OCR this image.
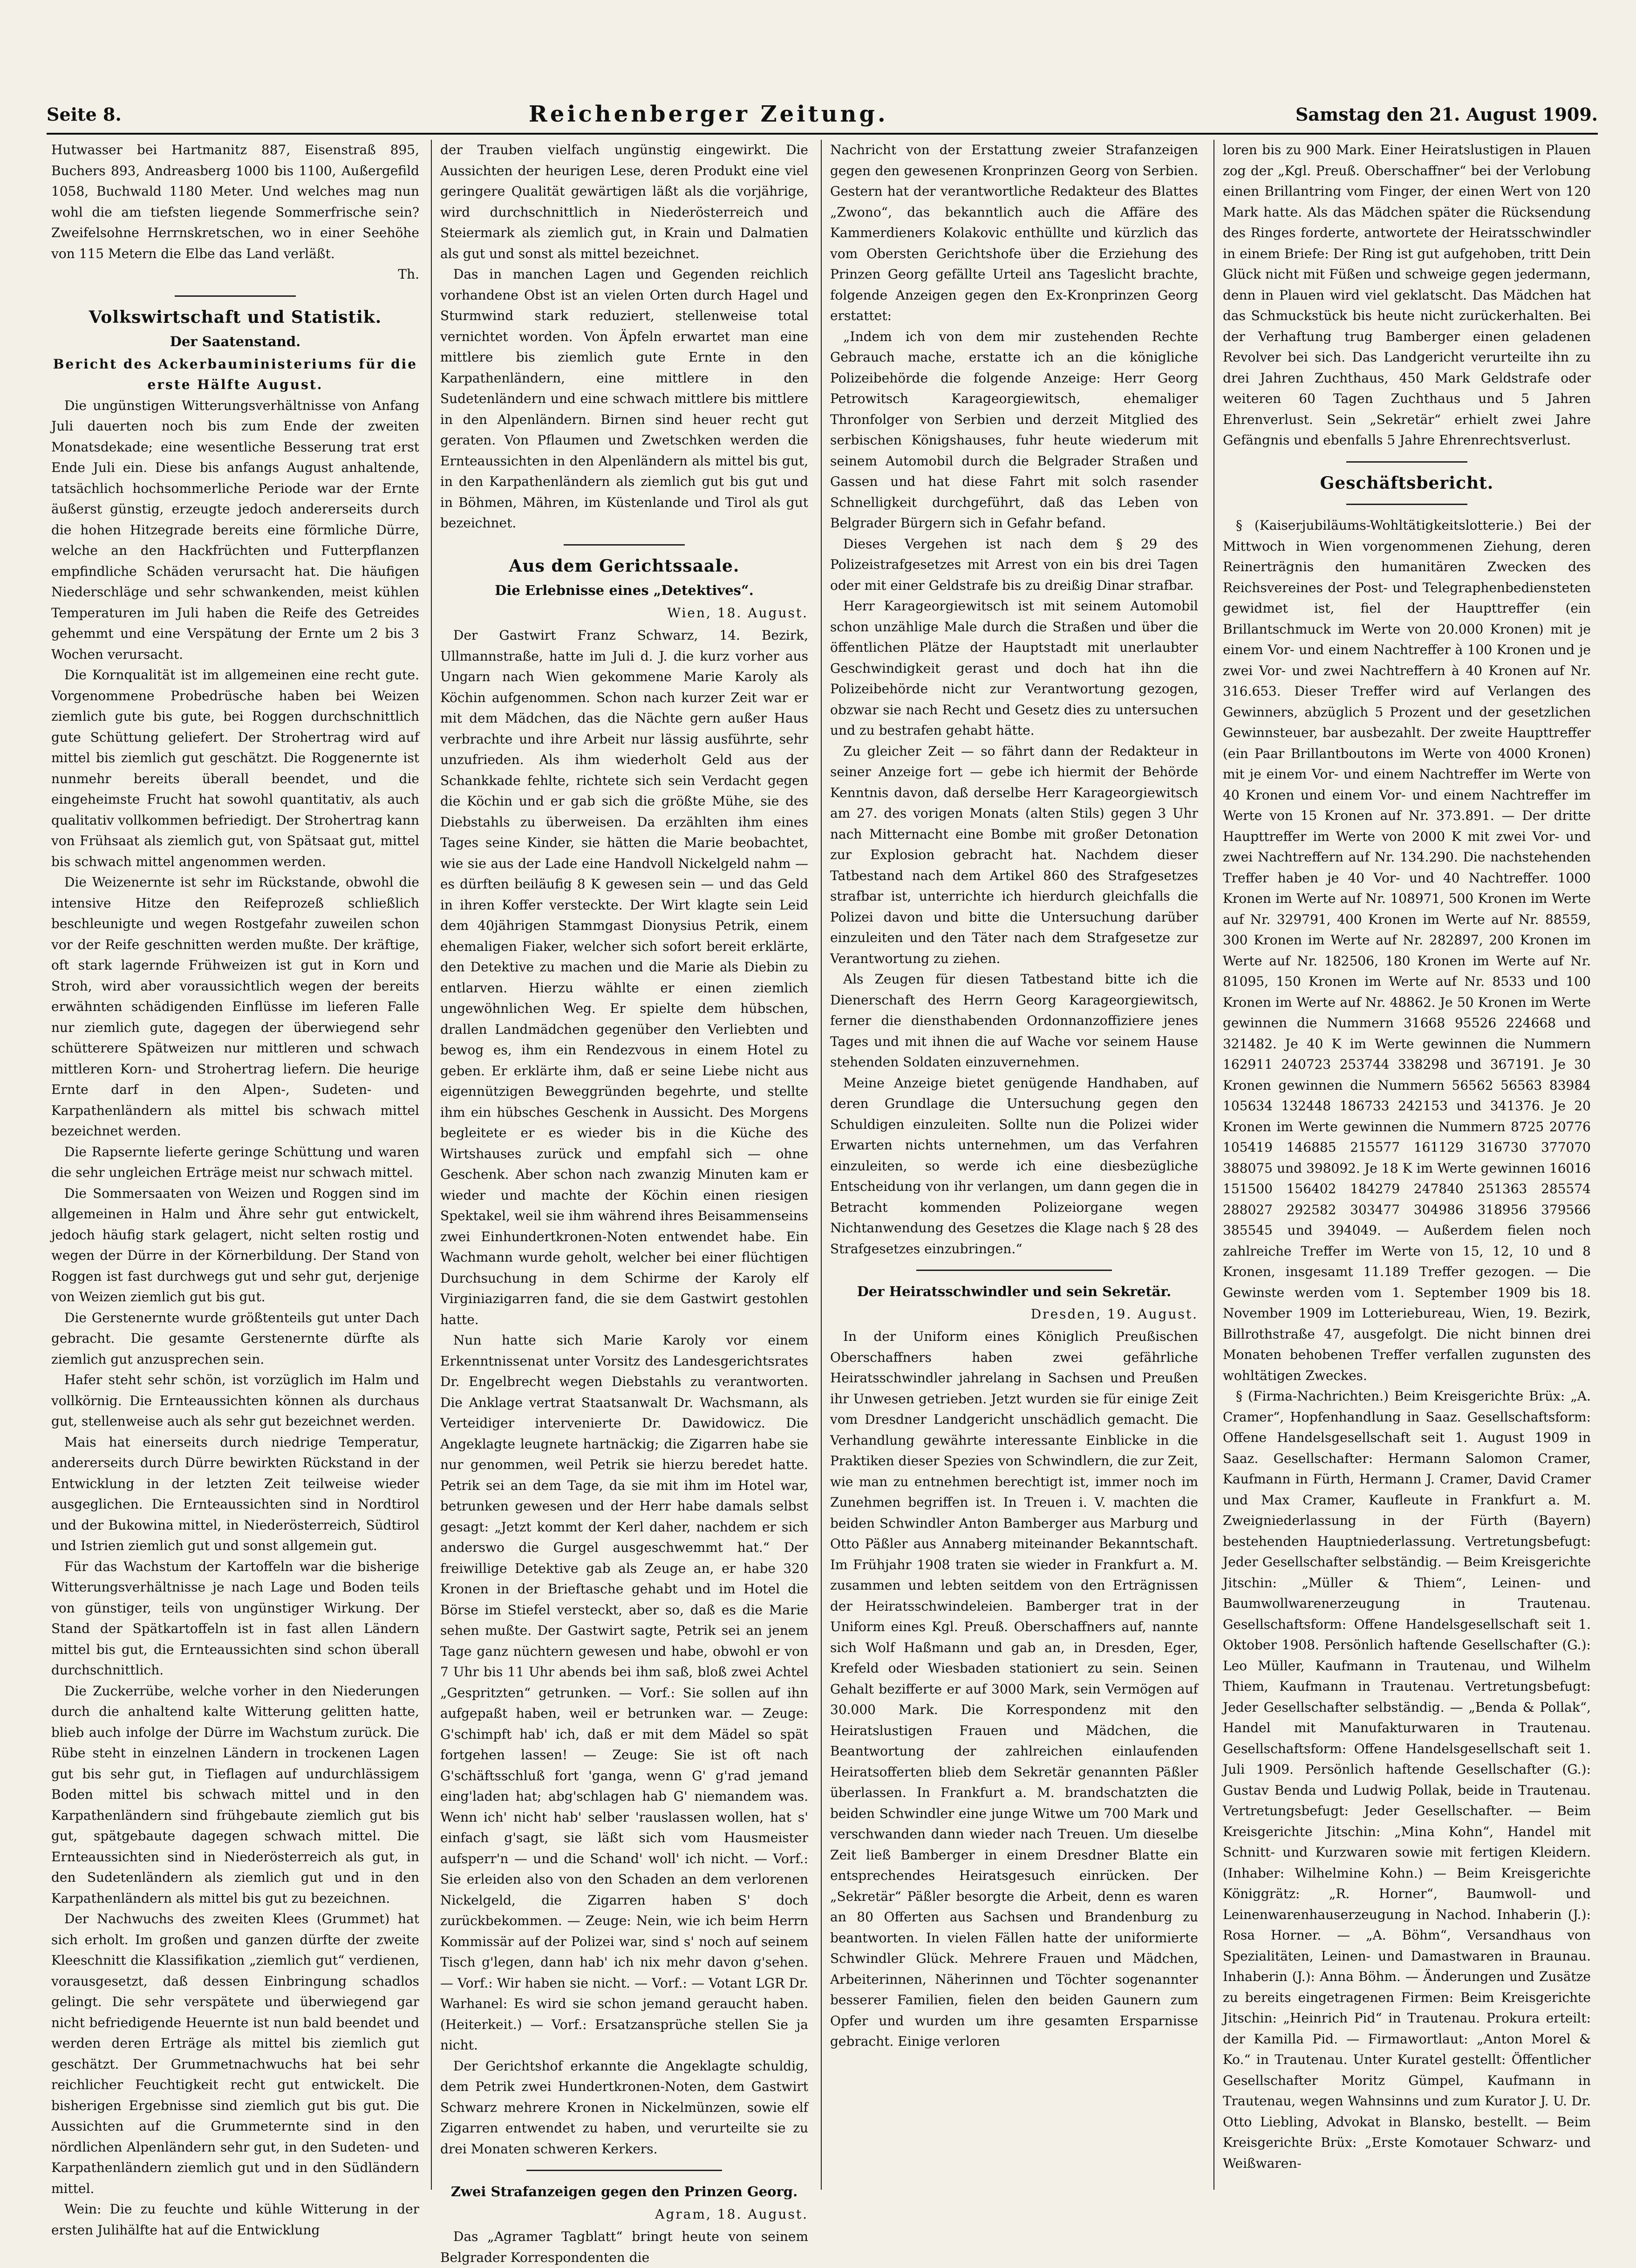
Seite 8.	Reichenberger Zeitung.	Samstag den 21. August 1909.

Hutwasser bei Hartmanitz 887, Eisenstraß 895, Buchers 893, Andreasberg 1000 bis 1100, Außergefild 1058, Buchwald 1180 Meter. Und welches mag nun wohl die am tiefsten liegende Sommerfrische sein? Zweifelsohne Herrnskretschen, wo in einer Seehöhe von 115 Metern die Elbe das Land verläßt.

Th.

Volkswirtschaft und Statistik.
Der Saatenstand.
Bericht des Ackerbauministeriums für die erste Hälfte August.

Die ungünstigen Witterungsverhältnisse von Anfang Juli dauerten noch bis zum Ende der zweiten Monatsdekade; eine wesentliche Besserung trat erst Ende Juli ein. Diese bis anfangs August anhaltende, tatsächlich hochsommerliche Periode war der Ernte äußerst günstig, erzeugte jedoch andererseits durch die hohen Hitzegrade bereits eine förmliche Dürre, welche an den Hackfrüchten und Futterpflanzen empfindliche Schäden verursacht hat. Die häufigen Niederschläge und sehr schwankenden, meist kühlen Temperaturen im Juli haben die Reife des Getreides gehemmt und eine Verspätung der Ernte um 2 bis 3 Wochen verursacht.

Die Kornqualität ist im allgemeinen eine recht gute. Vorgenommene Probedrüsche haben bei Weizen ziemlich gute bis gute, bei Roggen durchschnittlich gute Schüttung geliefert. Der Strohertrag wird auf mittel bis ziemlich gut geschätzt. Die Roggenernte ist nunmehr bereits überall beendet, und die eingeheimste Frucht hat sowohl quantitativ, als auch qualitativ vollkommen befriedigt. Der Strohertrag kann von Frühsaat als ziemlich gut, von Spätsaat gut, mittel bis schwach mittel angenommen werden.

Die Weizenernte ist sehr im Rückstande, obwohl die intensive Hitze den Reifeprozeß schließlich beschleunigte und wegen Rostgefahr zuweilen schon vor der Reife geschnitten werden mußte. Der kräftige, oft stark lagernde Frühweizen ist gut in Korn und Stroh, wird aber voraussichtlich wegen der bereits erwähnten schädigenden Einflüsse im lieferen Falle nur ziemlich gute, dagegen der überwiegend sehr schütterere Spätweizen nur mittleren und schwach mittleren Korn- und Strohertrag liefern. Die heurige Ernte darf in den Alpen-, Sudeten- und Karpathenländern als mittel bis schwach mittel bezeichnet werden.

Die Rapsernte lieferte geringe Schüttung und waren die sehr ungleichen Erträge meist nur schwach mittel.

Die Sommersaaten von Weizen und Roggen sind im allgemeinen in Halm und Ähre sehr gut entwickelt, jedoch häufig stark gelagert, nicht selten rostig und wegen der Dürre in der Körnerbildung. Der Stand von Roggen ist fast durchwegs gut und sehr gut, derjenige von Weizen ziemlich gut bis gut.

Die Gerstenernte wurde größtenteils gut unter Dach gebracht. Die gesamte Gerstenernte dürfte als ziemlich gut anzusprechen sein.

Hafer steht sehr schön, ist vorzüglich im Halm und vollkörnig. Die Ernteaussichten können als durchaus gut, stellenweise auch als sehr gut bezeichnet werden.

Mais hat einerseits durch niedrige Temperatur, andererseits durch Dürre bewirkten Rückstand in der Entwicklung in der letzten Zeit teilweise wieder ausgeglichen. Die Ernteaussichten sind in Nordtirol und der Bukowina mittel, in Niederösterreich, Südtirol und Istrien ziemlich gut und sonst allgemein gut.

Für das Wachstum der Kartoffeln war die bisherige Witterungsverhältnisse je nach Lage und Boden teils von günstiger, teils von ungünstiger Wirkung. Der Stand der Spätkartoffeln ist in fast allen Ländern mittel bis gut, die Ernteaussichten sind schon überall durchschnittlich.

Die Zuckerrübe, welche vorher in den Niederungen durch die anhaltend kalte Witterung gelitten hatte, blieb auch infolge der Dürre im Wachstum zurück. Die Rübe steht in einzelnen Ländern in trockenen Lagen gut bis sehr gut, in Tieflagen auf undurchlässigem Boden mittel bis schwach mittel und in den Karpathenländern sind frühgebaute ziemlich gut bis gut, spätgebaute dagegen schwach mittel. Die Ernteaussichten sind in Niederösterreich als gut, in den Sudetenländern als ziemlich gut und in den Karpathenländern als mittel bis gut zu bezeichnen.

Der Nachwuchs des zweiten Klees (Grummet) hat sich erholt. Im großen und ganzen dürfte der zweite Kleeschnitt die Klassifikation „ziemlich gut“ verdienen, vorausgesetzt, daß dessen Einbringung schadlos gelingt. Die sehr verspätete und überwiegend gar nicht befriedigende Heuernte ist nun bald beendet und werden deren Erträge als mittel bis ziemlich gut geschätzt. Der Grummetnachwuchs hat bei sehr reichlicher Feuchtigkeit recht gut entwickelt. Die bisherigen Ergebnisse sind ziemlich gut bis gut. Die Aussichten auf die Grummeternte sind in den nördlichen Alpenländern sehr gut, in den Sudeten- und Karpathenländern ziemlich gut und in den Südländern mittel.

Wein: Die zu feuchte und kühle Witterung in der ersten Julihälfte hat auf die Entwicklung

der Trauben vielfach ungünstig eingewirkt. Die Aussichten der heurigen Lese, deren Produkt eine viel geringere Qualität gewärtigen läßt als die vorjährige, wird durchschnittlich in Niederösterreich und Steiermark als ziemlich gut, in Krain und Dalmatien als gut und sonst als mittel bezeichnet.

Das in manchen Lagen und Gegenden reichlich vorhandene Obst ist an vielen Orten durch Hagel und Sturmwind stark reduziert, stellenweise total vernichtet worden. Von Äpfeln erwartet man eine mittlere bis ziemlich gute Ernte in den Karpathenländern, eine mittlere in den Sudetenländern und eine schwach mittlere bis mittlere in den Alpenländern. Birnen sind heuer recht gut geraten. Von Pflaumen und Zwetschken werden die Ernteaussichten in den Alpenländern als mittel bis gut, in den Karpathenländern als ziemlich gut bis gut und in Böhmen, Mähren, im Küstenlande und Tirol als gut bezeichnet.

Aus dem Gerichtssaale.
Die Erlebnisse eines „Detektives“.
Wien, 18. August.

Der Gastwirt Franz Schwarz, 14. Bezirk, Ullmannstraße, hatte im Juli d. J. die kurz vorher aus Ungarn nach Wien gekommene Marie Karoly als Köchin aufgenommen. Schon nach kurzer Zeit war er mit dem Mädchen, das die Nächte gern außer Haus verbrachte und ihre Arbeit nur lässig ausführte, sehr unzufrieden. Als ihm wiederholt Geld aus der Schankkade fehlte, richtete sich sein Verdacht gegen die Köchin und er gab sich die größte Mühe, sie des Diebstahls zu überweisen. Da erzählten ihm eines Tages seine Kinder, sie hätten die Marie beobachtet, wie sie aus der Lade eine Handvoll Nickelgeld nahm — es dürften beiläufig 8 K gewesen sein — und das Geld in ihren Koffer versteckte. Der Wirt klagte sein Leid dem 40jährigen Stammgast Dionysius Petrik, einem ehemaligen Fiaker, welcher sich sofort bereit erklärte, den Detektive zu machen und die Marie als Diebin zu entlarven. Hierzu wählte er einen ziemlich ungewöhnlichen Weg. Er spielte dem hübschen, drallen Landmädchen gegenüber den Verliebten und bewog es, ihm ein Rendezvous in einem Hotel zu geben. Er erklärte ihm, daß er seine Liebe nicht aus eigennützigen Beweggründen begehrte, und stellte ihm ein hübsches Geschenk in Aussicht. Des Morgens begleitete er es wieder bis in die Küche des Wirtshauses zurück und empfahl sich — ohne Geschenk. Aber schon nach zwanzig Minuten kam er wieder und machte der Köchin einen riesigen Spektakel, weil sie ihm während ihres Beisammenseins zwei Einhundertkronen-Noten entwendet habe. Ein Wachmann wurde geholt, welcher bei einer flüchtigen Durchsuchung in dem Schirme der Karoly elf Virginiazigarren fand, die sie dem Gastwirt gestohlen hatte.

Nun hatte sich Marie Karoly vor einem Erkenntnissenat unter Vorsitz des Landesgerichtsrates Dr. Engelbrecht wegen Diebstahls zu verantworten. Die Anklage vertrat Staatsanwalt Dr. Wachsmann, als Verteidiger intervenierte Dr. Dawidowicz. Die Angeklagte leugnete hartnäckig; die Zigarren habe sie nur genommen, weil Petrik sie hierzu beredet hatte. Petrik sei an dem Tage, da sie mit ihm im Hotel war, betrunken gewesen und der Herr habe damals selbst gesagt: „Jetzt kommt der Kerl daher, nachdem er sich anderswo die Gurgel ausgeschwemmt hat.“ Der freiwillige Detektive gab als Zeuge an, er habe 320 Kronen in der Brieftasche gehabt und im Hotel die Börse im Stiefel versteckt, aber so, daß es die Marie sehen mußte. Der Gastwirt sagte, Petrik sei an jenem Tage ganz nüchtern gewesen und habe, obwohl er von 7 Uhr bis 11 Uhr abends bei ihm saß, bloß zwei Achtel „Gespritzten“ getrunken. — Vorf.: Sie sollen auf ihn aufgepaßt haben, weil er betrunken war. — Zeuge: G'schimpft hab' ich, daß er mit dem Mädel so spät fortgehen lassen! — Zeuge: Sie ist oft nach G'schäftsschluß fort 'ganga, wenn G' g'rad jemand eing'laden hat; abg'schlagen hab G' niemandem was. Wenn ich' nicht hab' selber 'rauslassen wollen, hat s' einfach g'sagt, sie läßt sich vom Hausmeister aufsperr'n — und die Schand' woll' ich nicht. — Vorf.: Sie erleiden also von den Schaden an dem verlorenen Nickelgeld, die Zigarren haben S' doch zurückbekommen. — Zeuge: Nein, wie ich beim Herrn Kommissär auf der Polizei war, sind s' noch auf seinem Tisch g'legen, dann hab' ich nix mehr davon g'sehen. — Vorf.: Wir haben sie nicht. — Vorf.: — Votant LGR Dr. Warhanel: Es wird sie schon jemand geraucht haben. (Heiterkeit.) — Vorf.: Ersatzansprüche stellen Sie ja nicht.

Der Gerichtshof erkannte die Angeklagte schuldig, dem Petrik zwei Hundertkronen-Noten, dem Gastwirt Schwarz mehrere Kronen in Nickelmünzen, sowie elf Zigarren entwendet zu haben, und verurteilte sie zu drei Monaten schweren Kerkers.

Zwei Strafanzeigen gegen den Prinzen Georg.
Agram, 18. August.

Das „Agramer Tagblatt“ bringt heute von seinem Belgrader Korrespondenten die

Nachricht von der Erstattung zweier Strafanzeigen gegen den gewesenen Kronprinzen Georg von Serbien. Gestern hat der verantwortliche Redakteur des Blattes „Zwono“, das bekanntlich auch die Affäre des Kammerdieners Kolakovic enthüllte und kürzlich das vom Obersten Gerichtshofe über die Erziehung des Prinzen Georg gefällte Urteil ans Tageslicht brachte, folgende Anzeigen gegen den Ex-Kronprinzen Georg erstattet:

„Indem ich von dem mir zustehenden Rechte Gebrauch mache, erstatte ich an die königliche Polizeibehörde die folgende Anzeige: Herr Georg Petrowitsch Karageorgiewitsch, ehemaliger Thronfolger von Serbien und derzeit Mitglied des serbischen Königshauses, fuhr heute wiederum mit seinem Automobil durch die Belgrader Straßen und Gassen und hat diese Fahrt mit solch rasender Schnelligkeit durchgeführt, daß das Leben von Belgrader Bürgern sich in Gefahr befand.

Dieses Vergehen ist nach dem § 29 des Polizeistrafgesetzes mit Arrest von ein bis drei Tagen oder mit einer Geldstrafe bis zu dreißig Dinar strafbar.

Herr Karageorgiewitsch ist mit seinem Automobil schon unzählige Male durch die Straßen und über die öffentlichen Plätze der Hauptstadt mit unerlaubter Geschwindigkeit gerast und doch hat ihn die Polizeibehörde nicht zur Verantwortung gezogen, obzwar sie nach Recht und Gesetz dies zu untersuchen und zu bestrafen gehabt hätte.

Zu gleicher Zeit — so fährt dann der Redakteur in seiner Anzeige fort — gebe ich hiermit der Behörde Kenntnis davon, daß derselbe Herr Karageorgiewitsch am 27. des vorigen Monats (alten Stils) gegen 3 Uhr nach Mitternacht eine Bombe mit großer Detonation zur Explosion gebracht hat. Nachdem dieser Tatbestand nach dem Artikel 860 des Strafgesetzes strafbar ist, unterrichte ich hierdurch gleichfalls die Polizei davon und bitte die Untersuchung darüber einzuleiten und den Täter nach dem Strafgesetze zur Verantwortung zu ziehen.

Als Zeugen für diesen Tatbestand bitte ich die Dienerschaft des Herrn Georg Karageorgiewitsch, ferner die diensthabenden Ordonnanzoffiziere jenes Tages und mit ihnen die auf Wache vor seinem Hause stehenden Soldaten einzuvernehmen.

Meine Anzeige bietet genügende Handhaben, auf deren Grundlage die Untersuchung gegen den Schuldigen einzuleiten. Sollte nun die Polizei wider Erwarten nichts unternehmen, um das Verfahren einzuleiten, so werde ich eine diesbezügliche Entscheidung von ihr verlangen, um dann gegen die in Betracht kommenden Polizeiorgane wegen Nichtanwendung des Gesetzes die Klage nach § 28 des Strafgesetzes einzubringen.“

Der Heiratsschwindler und sein Sekretär.
Dresden, 19. August.

In der Uniform eines Königlich Preußischen Oberschaffners haben zwei gefährliche Heiratsschwindler jahrelang in Sachsen und Preußen ihr Unwesen getrieben. Jetzt wurden sie für einige Zeit vom Dresdner Landgericht unschädlich gemacht. Die Verhandlung gewährte interessante Einblicke in die Praktiken dieser Spezies von Schwindlern, die zur Zeit, wie man zu entnehmen berechtigt ist, immer noch im Zunehmen begriffen ist. In Treuen i. V. machten die beiden Schwindler Anton Bamberger aus Marburg und Otto Päßler aus Annaberg miteinander Bekanntschaft. Im Frühjahr 1908 traten sie wieder in Frankfurt a. M. zusammen und lebten seitdem von den Erträgnissen der Heiratsschwindeleien. Bamberger trat in der Uniform eines Kgl. Preuß. Oberschaffners auf, nannte sich Wolf Haßmann und gab an, in Dresden, Eger, Krefeld oder Wiesbaden stationiert zu sein. Seinen Gehalt bezifferte er auf 3000 Mark, sein Vermögen auf 30.000 Mark. Die Korrespondenz mit den Heiratslustigen Frauen und Mädchen, die Beantwortung der zahlreichen einlaufenden Heiratsofferten blieb dem Sekretär genannten Päßler überlassen. In Frankfurt a. M. brandschatzten die beiden Schwindler eine junge Witwe um 700 Mark und verschwanden dann wieder nach Treuen. Um dieselbe Zeit ließ Bamberger in einem Dresdner Blatte ein entsprechendes Heiratsgesuch einrücken. Der „Sekretär“ Päßler besorgte die Arbeit, denn es waren an 80 Offerten aus Sachsen und Brandenburg zu beantworten. In vielen Fällen hatte der uniformierte Schwindler Glück. Mehrere Frauen und Mädchen, Arbeiterinnen, Näherinnen und Töchter sogenannter besserer Familien, fielen den beiden Gaunern zum Opfer und wurden um ihre gesamten Ersparnisse gebracht. Einige verloren

loren bis zu 900 Mark. Einer Heiratslustigen in Plauen zog der „Kgl. Preuß. Oberschaffner“ bei der Verlobung einen Brillantring vom Finger, der einen Wert von 120 Mark hatte. Als das Mädchen später die Rücksendung des Ringes forderte, antwortete der Heiratsschwindler in einem Briefe: Der Ring ist gut aufgehoben, tritt Dein Glück nicht mit Füßen und schweige gegen jedermann, denn in Plauen wird viel geklatscht. Das Mädchen hat das Schmuckstück bis heute nicht zurückerhalten. Bei der Verhaftung trug Bamberger einen geladenen Revolver bei sich. Das Landgericht verurteilte ihn zu drei Jahren Zuchthaus, 450 Mark Geldstrafe oder weiteren 60 Tagen Zuchthaus und 5 Jahren Ehrenverlust. Sein „Sekretär“ erhielt zwei Jahre Gefängnis und ebenfalls 5 Jahre Ehrenrechtsverlust.

Geschäftsbericht.

§ (Kaiserjubiläums-Wohltätigkeitslotterie.) Bei der Mittwoch in Wien vorgenommenen Ziehung, deren Reinerträgnis den humanitären Zwecken des Reichsvereines der Post- und Telegraphenbediensteten gewidmet ist, fiel der Haupttreffer (ein Brillantschmuck im Werte von 20.000 Kronen) mit je einem Vor- und einem Nachtreffer à 100 Kronen und je zwei Vor- und zwei Nachtreffern à 40 Kronen auf Nr. 316.653. Dieser Treffer wird auf Verlangen des Gewinners, abzüglich 5 Prozent und der gesetzlichen Gewinnsteuer, bar ausbezahlt. Der zweite Haupttreffer (ein Paar Brillantboutons im Werte von 4000 Kronen) mit je einem Vor- und einem Nachtreffer im Werte von 40 Kronen und einem Vor- und einem Nachtreffer im Werte von 15 Kronen auf Nr. 373.891. — Der dritte Haupttreffer im Werte von 2000 K mit zwei Vor- und zwei Nachtreffern auf Nr. 134.290. Die nachstehenden Treffer haben je 40 Vor- und 40 Nachtreffer. 1000 Kronen im Werte auf Nr. 108971, 500 Kronen im Werte auf Nr. 329791, 400 Kronen im Werte auf Nr. 88559, 300 Kronen im Werte auf Nr. 282897, 200 Kronen im Werte auf Nr. 182506, 180 Kronen im Werte auf Nr. 81095, 150 Kronen im Werte auf Nr. 8533 und 100 Kronen im Werte auf Nr. 48862. Je 50 Kronen im Werte gewinnen die Nummern 31668 95526 224668 und 321482. Je 40 K im Werte gewinnen die Nummern 162911 240723 253744 338298 und 367191. Je 30 Kronen gewinnen die Nummern 56562 56563 83984 105634 132448 186733 242153 und 341376. Je 20 Kronen im Werte gewinnen die Nummern 8725 20776 105419 146885 215577 161129 316730 377070 388075 und 398092. Je 18 K im Werte gewinnen 16016 151500 156402 184279 247840 251363 285574 288027 292582 303477 304986 318956 379566 385545 und 394049. — Außerdem fielen noch zahlreiche Treffer im Werte von 15, 12, 10 und 8 Kronen, insgesamt 11.189 Treffer gezogen. — Die Gewinste werden vom 1. September 1909 bis 18. November 1909 im Lotteriebureau, Wien, 19. Bezirk, Billrothstraße 47, ausgefolgt. Die nicht binnen drei Monaten behobenen Treffer verfallen zugunsten des wohltätigen Zweckes.

§ (Firma-Nachrichten.) Beim Kreisgerichte Brüx: „A. Cramer“, Hopfenhandlung in Saaz. Gesellschaftsform: Offene Handelsgesellschaft seit 1. August 1909 in Saaz. Gesellschafter: Hermann Salomon Cramer, Kaufmann in Fürth, Hermann J. Cramer, David Cramer und Max Cramer, Kaufleute in Frankfurt a. M. Zweigniederlassung in der Fürth (Bayern) bestehenden Hauptniederlassung. Vertretungsbefugt: Jeder Gesellschafter selbständig. — Beim Kreisgerichte Jitschin: „Müller & Thiem“, Leinen- und Baumwollwarenerzeugung in Trautenau. Gesellschaftsform: Offene Handelsgesellschaft seit 1. Oktober 1908. Persönlich haftende Gesellschafter (G.): Leo Müller, Kaufmann in Trautenau, und Wilhelm Thiem, Kaufmann in Trautenau. Vertretungsbefugt: Jeder Gesellschafter selbständig. — „Benda & Pollak“, Handel mit Manufakturwaren in Trautenau. Gesellschaftsform: Offene Handelsgesellschaft seit 1. Juli 1909. Persönlich haftende Gesellschafter (G.): Gustav Benda und Ludwig Pollak, beide in Trautenau. Vertretungsbefugt: Jeder Gesellschafter. — Beim Kreisgerichte Jitschin: „Mina Kohn“, Handel mit Schnitt- und Kurzwaren sowie mit fertigen Kleidern. (Inhaber: Wilhelmine Kohn.) — Beim Kreisgerichte Königgrätz: „R. Horner“, Baumwoll- und Leinenwarenhauserzeugung in Nachod. Inhaberin (J.): Rosa Horner. — „A. Böhm“, Versandhaus von Spezialitäten, Leinen- und Damastwaren in Braunau. Inhaberin (J.): Anna Böhm. — Änderungen und Zusätze zu bereits eingetragenen Firmen: Beim Kreisgerichte Jitschin: „Heinrich Pid“ in Trautenau. Prokura erteilt: der Kamilla Pid. — Firmawortlaut: „Anton Morel & Ko.“ in Trautenau. Unter Kuratel gestellt: Öffentlicher Gesellschafter Moritz Gümpel, Kaufmann in Trautenau, wegen Wahnsinns und zum Kurator J. U. Dr. Otto Liebling, Advokat in Blansko, bestellt. — Beim Kreisgerichte Brüx: „Erste Komotauer Schwarz- und Weißwaren-
